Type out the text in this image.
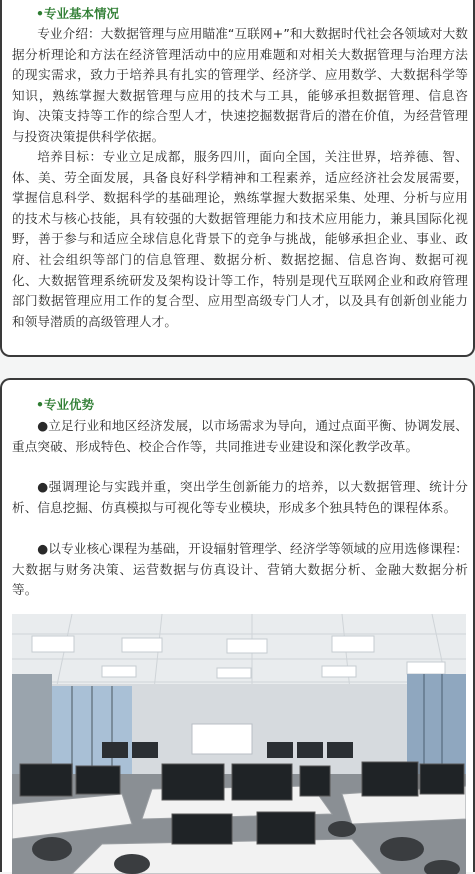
•专业基本情况

专业介绍：大数据管理与应用瞄准“互联网+”和大数据时代社会各领域对大数据分析理论和方法在经济管理活动中的应用难题和对相关大数据管理与治理方法的现实需求，致力于培养具有扎实的管理学、经济学、应用数学、大数据科学等知识，熟练掌握大数据管理与应用的技术与工具，能够承担数据管理、信息咨询、决策支持等工作的综合型人才，快速挖掘数据背后的潜在价值，为经营管理与投资决策提供科学依据。

培养目标：专业立足成都，服务四川，面向全国，关注世界，培养德、智、体、美、劳全面发展，具备良好科学精神和工程素养，适应经济社会发展需要，掌握信息科学、数据科学的基础理论，熟练掌握大数据采集、处理、分析与应用的技术与核心技能，具有较强的大数据管理能力和技术应用能力，兼具国际化视野，善于参与和适应全球信息化背景下的竞争与挑战，能够承担企业、事业、政府、社会组织等部门的信息管理、数据分析、数据挖掘、信息咨询、数据可视化、大数据管理系统研发及架构设计等工作，特别是现代互联网企业和政府管理部门数据管理应用工作的复合型、应用型高级专门人才，以及具有创新创业能力和领导潜质的高级管理人才。

•专业优势

●立足行业和地区经济发展，以市场需求为导向，通过点面平衡、协调发展、重点突破、形成特色、校企合作等，共同推进专业建设和深化教学改革。

●强调理论与实践并重，突出学生创新能力的培养，以大数据管理、统计分析、信息挖掘、仿真模拟与可视化等专业模块，形成多个独具特色的课程体系。

●以专业核心课程为基础，开设辐射管理学、经济学等领域的应用选修课程：大数据与财务决策、运营数据与仿真设计、营销大数据分析、金融大数据分析等。
